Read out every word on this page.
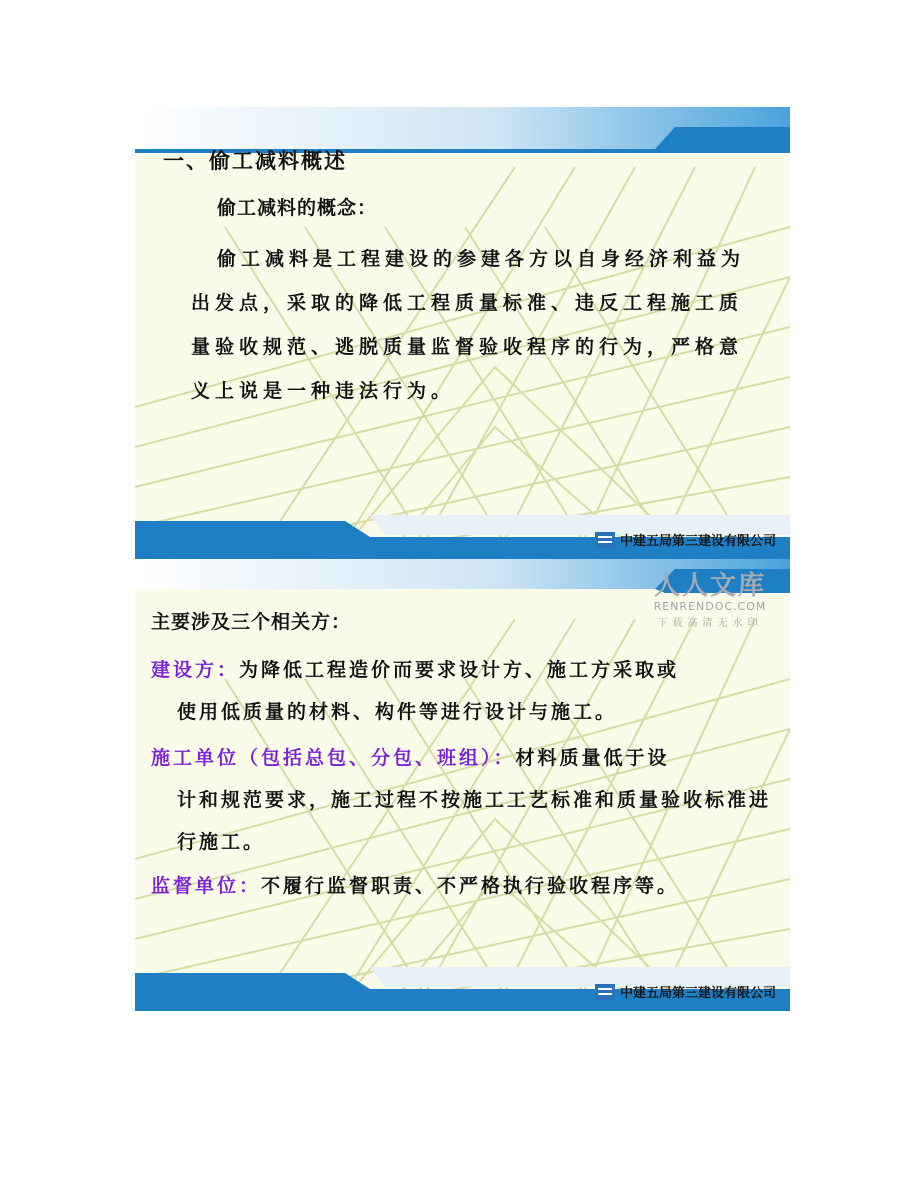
中建五局第三建设有限公司
一、偷工减料概述
偷工减料的概念：
偷工减料是工程建设的参建各方以自身经济利益为出发点，采取的降低工程质量标准、违反工程施工质量验收规范、逃脱质量监督验收程序的行为，严格意义上说是一种违法行为。
中建五局第三建设有限公司
主要涉及三个相关方：
建设方：为降低工程造价而要求设计方、施工方采取或
使用低质量的材料、构件等进行设计与施工。
施工单位（包括总包、分包、班组）：材料质量低于设
计和规范要求，施工过程不按施工工艺标准和质量验收标准进行施工。
监督单位：不履行监督职责、不严格执行验收程序等。
人人文库
RENRENDOC.COM
下载高清无水印
